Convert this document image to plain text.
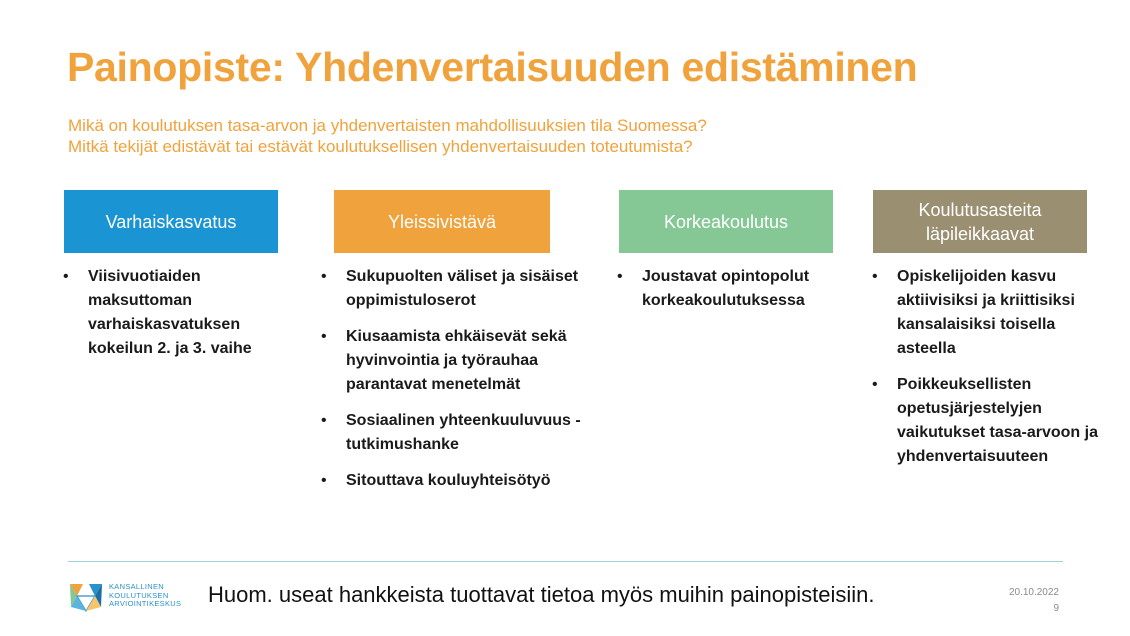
Painopiste: Yhdenvertaisuuden edistäminen
Mikä on koulutuksen tasa-arvon ja yhdenvertaisten mahdollisuuksien tila Suomessa?
Mitkä tekijät edistävät tai estävät koulutuksellisen yhdenvertaisuuden toteutumista?
Varhaiskasvatus	Yleissivistävä	Korkeakoulutus
Koulutusasteita läpileikkaavat
• Viisivuotiaiden maksuttoman varhaiskasvatuksen kokeilun 2. ja 3. vaihe
• Sukupuolten väliset ja sisäiset oppimistuloserot
• Kiusaamista ehkäisevät sekä hyvinvointia ja työrauhaa parantavat menetelmät
• Sosiaalinen yhteenkuuluvuus -tutkimushanke
• Sitouttava kouluyhteisötyö
• Joustavat opintopolut korkeakoulutuksessa
• Opiskelijoiden kasvu aktiivisiksi ja kriittisiksi kansalaisiksi toisella asteella
• Poikkeuksellisten opetusjärjestelyjen vaikutukset tasa-arvoon ja yhdenvertaisuuteen
KANSALLINEN
KOULUTUKSEN
ARVIOINTIKESKUS Huom. useat hankkeista tuottavat tietoa myös muihin painopisteisiin.	20.10.2022
9
